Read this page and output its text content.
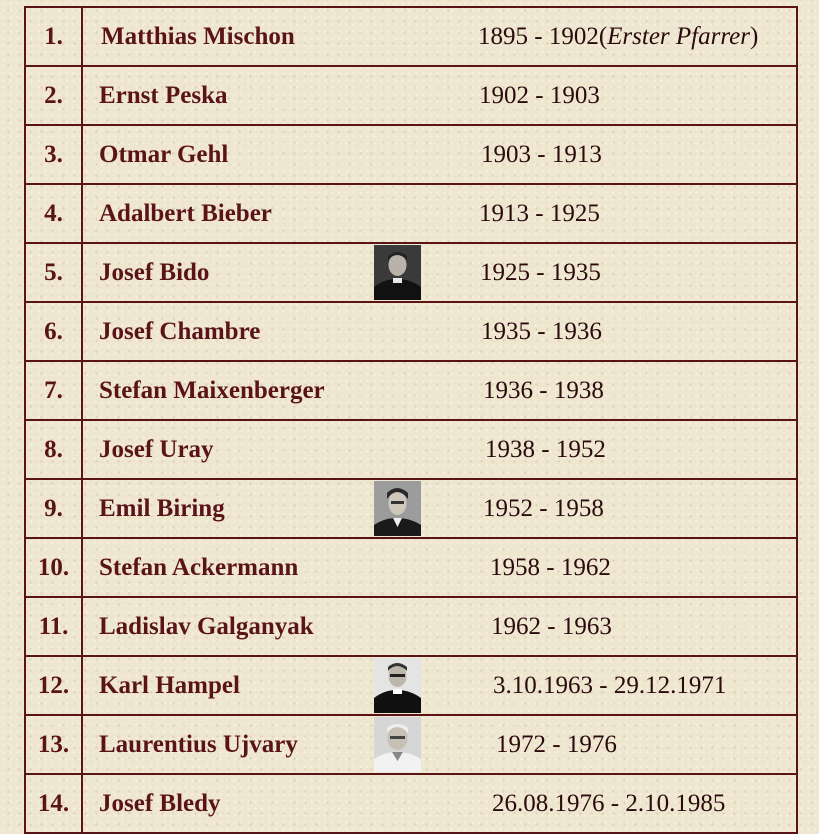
1.	Matthias Mischon	1895 - 1902 ( Erster Pfarrer )
2.	Ernst Peska	1902 - 1903
3.	Otmar Gehl	1903 - 1913
4.	Adalbert Bieber	1913 - 1925
5.	Josef Bido	1925 - 1935
6.	Josef Chambre	1935 - 1936
7.	Stefan Maixenberger	1936 - 1938
8.	Josef Uray	1938 - 1952
9.	Emil Biring	1952 - 1958
10.	Stefan Ackermann	1958 - 1962
11.	Ladislav Galganyak	1962 - 1963
12.	Karl Hampel	3.10.1963 - 29.12.1971
13.	Laurentius Ujvary	1972 - 1976
14.	Josef Bledy	26.08.1976 - 2.10.1985
